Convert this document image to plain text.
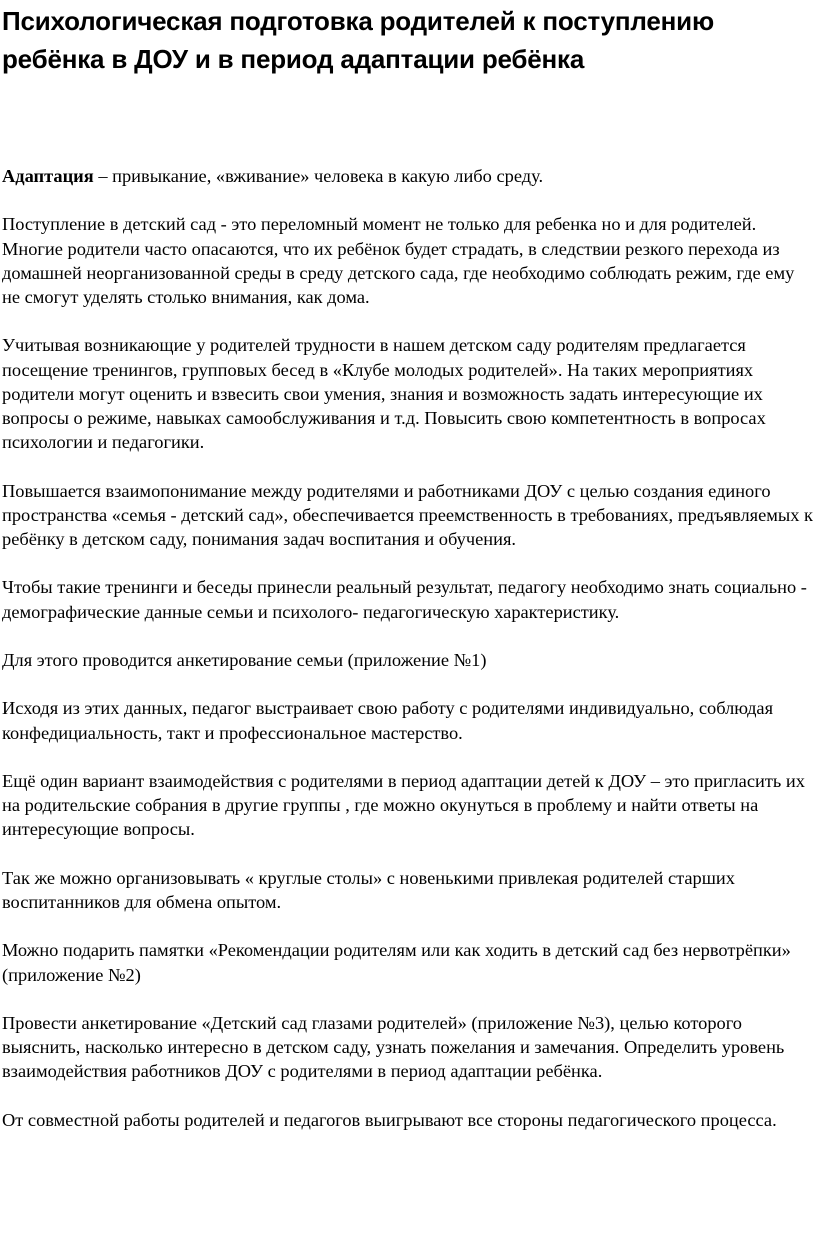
Психологическая подготовка родителей к поступлению ребёнка в ДОУ и в период адаптации ребёнка

Адаптация – привыкание, «вживание» человека в какую либо среду.

Поступление в детский сад - это переломный момент не только для ребенка но и для родителей. Многие родители часто опасаются, что их ребёнок будет страдать, в следствии резкого перехода из домашней неорганизованной среды в среду детского сада, где необходимо соблюдать режим, где ему не смогут уделять столько внимания, как дома.

Учитывая возникающие у родителей трудности в нашем детском саду родителям предлагается посещение тренингов, групповых бесед в «Клубе молодых родителей». На таких мероприятиях родители могут оценить и взвесить свои умения, знания и возможность задать интересующие их вопросы о режиме, навыках самообслуживания и т.д. Повысить свою компетентность в вопросах психологии и педагогики.

Повышается взаимопонимание между родителями и работниками ДОУ с целью создания единого пространства «семья - детский сад», обеспечивается преемственность в требованиях, предъявляемых к ребёнку в детском саду, понимания задач воспитания и обучения.

Чтобы такие тренинги и беседы принесли реальный результат, педагогу необходимо знать социально - демографические данные семьи и психолого- педагогическую характеристику.

Для этого проводится анкетирование семьи (приложение №1)

Исходя из этих данных, педагог выстраивает свою работу с родителями индивидуально, соблюдая конфедициальность, такт и профессиональное мастерство.

Ещё один вариант взаимодействия с родителями в период адаптации детей к ДОУ – это пригласить их на родительские собрания в другие группы , где можно окунуться в проблему и найти ответы на интересующие вопросы.

Так же можно организовывать « круглые столы» с новенькими привлекая родителей старших воспитанников для обмена опытом.

Можно подарить памятки «Рекомендации родителям или как ходить в детский сад без нервотрёпки» (приложение №2)

Провести анкетирование «Детский сад глазами родителей» (приложение №3), целью которого выяснить, насколько интересно в детском саду, узнать пожелания и замечания. Определить уровень взаимодействия работников ДОУ с родителями в период адаптации ребёнка.

От совместной работы родителей и педагогов выигрывают все стороны педагогического процесса.
